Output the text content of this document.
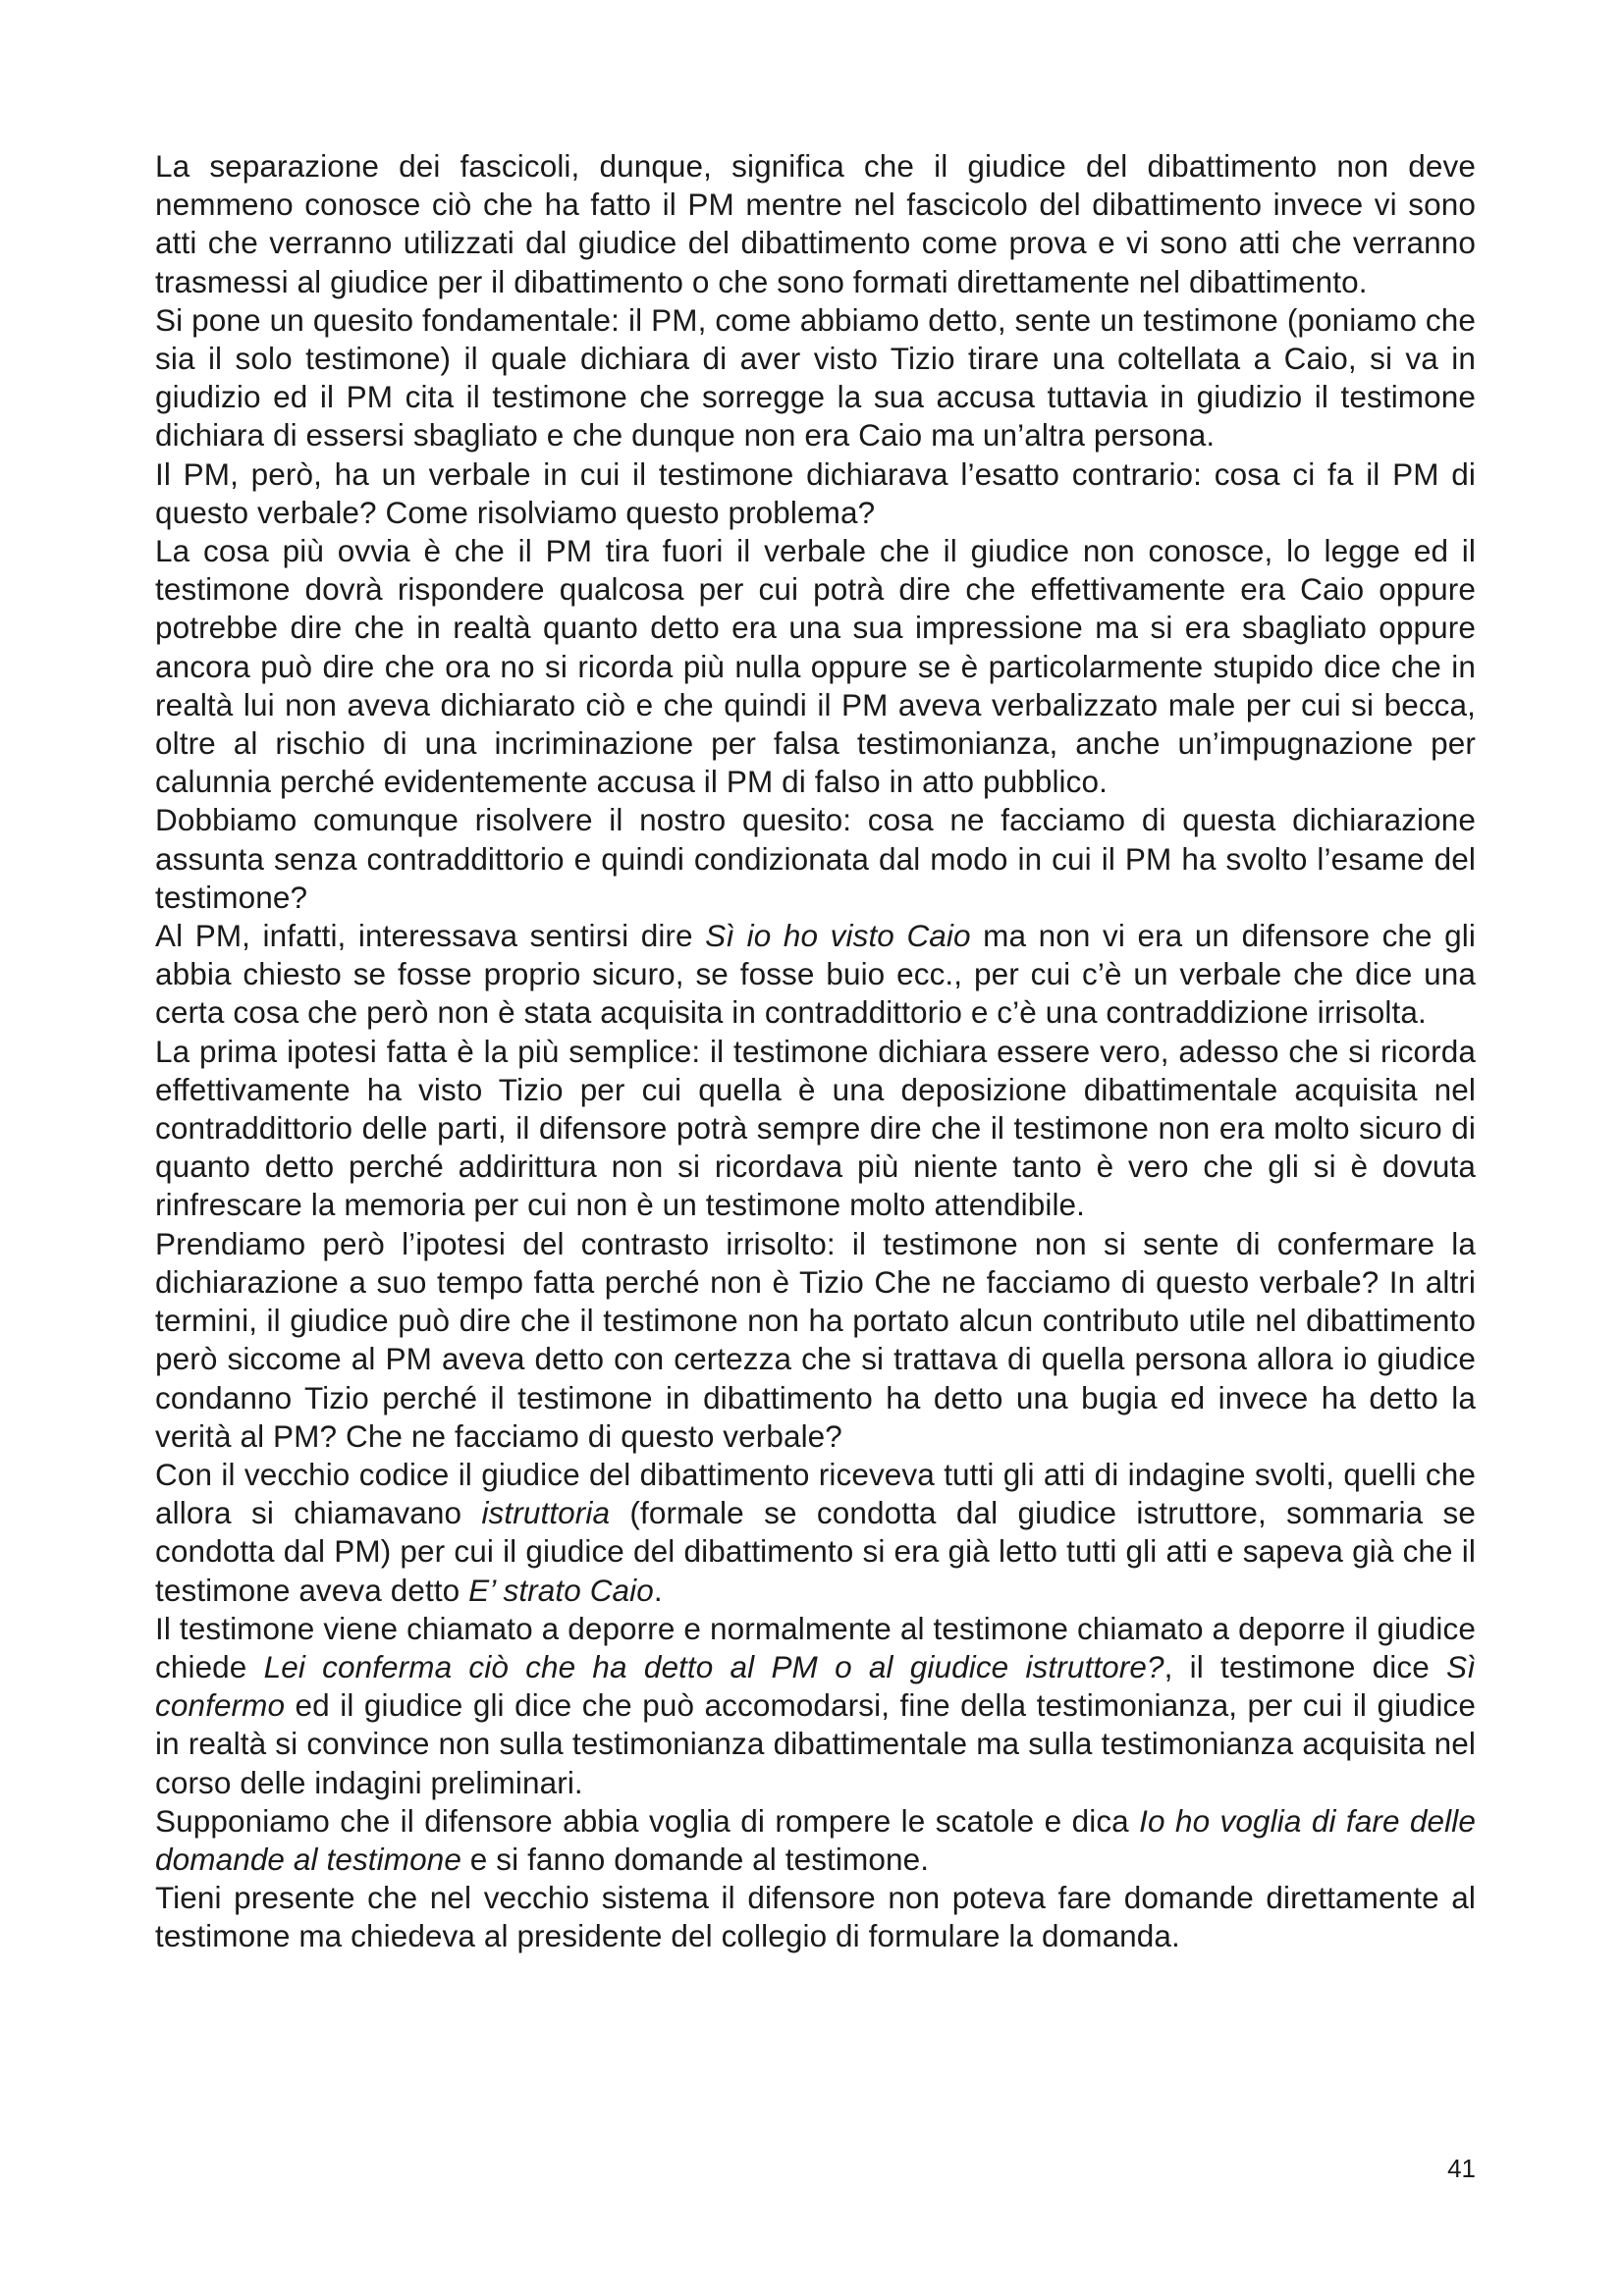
La separazione dei fascicoli, dunque, significa che il giudice del dibattimento non deve nemmeno conosce ciò che ha fatto il PM mentre nel fascicolo del dibattimento invece vi sono atti che verranno utilizzati dal giudice del dibattimento come prova e vi sono atti che verranno trasmessi al giudice per il dibattimento o che sono formati direttamente nel dibattimento.

Si pone un quesito fondamentale: il PM, come abbiamo detto, sente un testimone (poniamo che sia il solo testimone) il quale dichiara di aver visto Tizio tirare una coltellata a Caio, si va in giudizio ed il PM cita il testimone che sorregge la sua accusa tuttavia in giudizio il testimone dichiara di essersi sbagliato e che dunque non era Caio ma un’altra persona.

Il PM, però, ha un verbale in cui il testimone dichiarava l’esatto contrario: cosa ci fa il PM di questo verbale? Come risolviamo questo problema?

La cosa più ovvia è che il PM tira fuori il verbale che il giudice non conosce, lo legge ed il testimone dovrà rispondere qualcosa per cui potrà dire che effettivamente era Caio oppure potrebbe dire che in realtà quanto detto era una sua impressione ma si era sbagliato oppure ancora può dire che ora no si ricorda più nulla oppure se è particolarmente stupido dice che in realtà lui non aveva dichiarato ciò e che quindi il PM aveva verbalizzato male per cui si becca, oltre al rischio di una incriminazione per falsa testimonianza, anche un’impugnazione per calunnia perché evidentemente accusa il PM di falso in atto pubblico.

Dobbiamo comunque risolvere il nostro quesito: cosa ne facciamo di questa dichiarazione assunta senza contraddittorio e quindi condizionata dal modo in cui il PM ha svolto l’esame del testimone?

Al PM, infatti, interessava sentirsi dire Sì io ho visto Caio ma non vi era un difensore che gli abbia chiesto se fosse proprio sicuro, se fosse buio ecc., per cui c’è un verbale che dice una certa cosa che però non è stata acquisita in contraddittorio e c’è una contraddizione irrisolta.

La prima ipotesi fatta è la più semplice: il testimone dichiara essere vero, adesso che si ricorda effettivamente ha visto Tizio per cui quella è una deposizione dibattimentale acquisita nel contraddittorio delle parti, il difensore potrà sempre dire che il testimone non era molto sicuro di quanto detto perché addirittura non si ricordava più niente tanto è vero che gli si è dovuta rinfrescare la memoria per cui non è un testimone molto attendibile.

Prendiamo però l’ipotesi del contrasto irrisolto: il testimone non si sente di confermare la dichiarazione a suo tempo fatta perché non è Tizio Che ne facciamo di questo verbale? In altri termini, il giudice può dire che il testimone non ha portato alcun contributo utile nel dibattimento però siccome al PM aveva detto con certezza che si trattava di quella persona allora io giudice condanno Tizio perché il testimone in dibattimento ha detto una bugia ed invece ha detto la verità al PM? Che ne facciamo di questo verbale?

Con il vecchio codice il giudice del dibattimento riceveva tutti gli atti di indagine svolti, quelli che allora si chiamavano istruttoria (formale se condotta dal giudice istruttore, sommaria se condotta dal PM) per cui il giudice del dibattimento si era già letto tutti gli atti e sapeva già che il testimone aveva detto E’ strato Caio.

Il testimone viene chiamato a deporre e normalmente al testimone chiamato a deporre il giudice chiede Lei conferma ciò che ha detto al PM o al giudice istruttore?, il testimone dice Sì confermo ed il giudice gli dice che può accomodarsi, fine della testimonianza, per cui il giudice in realtà si convince non sulla testimonianza dibattimentale ma sulla testimonianza acquisita nel corso delle indagini preliminari.

Supponiamo che il difensore abbia voglia di rompere le scatole e dica Io ho voglia di fare delle domande al testimone e si fanno domande al testimone.

Tieni presente che nel vecchio sistema il difensore non poteva fare domande direttamente al testimone ma chiedeva al presidente del collegio di formulare la domanda.

41
